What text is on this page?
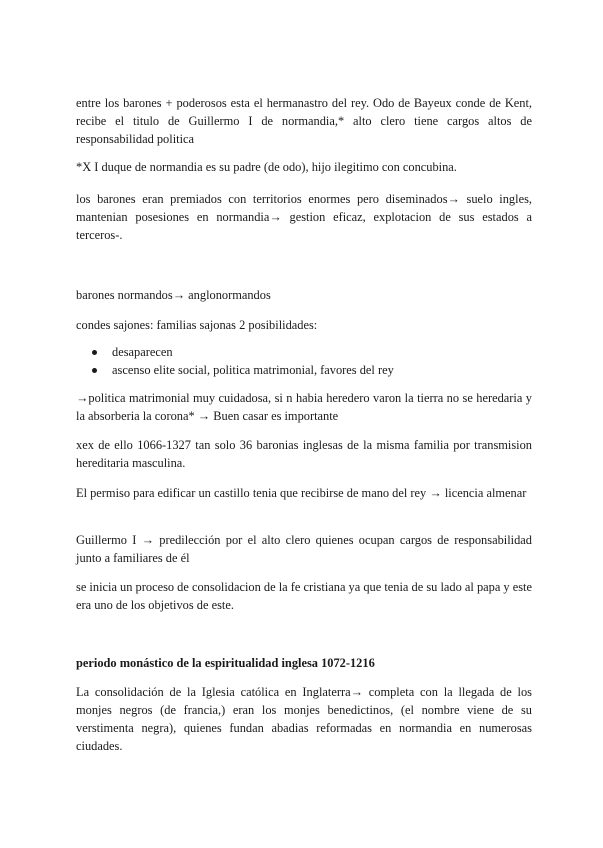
entre los barones + poderosos esta el hermanastro del rey. Odo de Bayeux conde de Kent, recibe el titulo de Guillermo I de normandia,* alto clero tiene cargos altos de responsabilidad politica

*X I duque de normandia es su padre (de odo), hijo ilegitimo con concubina.

los barones eran premiados con territorios enormes pero diseminados→ suelo ingles, mantenian posesiones en normandia→ gestion eficaz, explotacion de sus estados a terceros-.

barones normandos→ anglonormandos

condes sajones: familias sajonas 2 posibilidades:

desaparecen
ascenso elite social, politica matrimonial, favores del rey

→politica matrimonial muy cuidadosa, si n habia heredero varon la tierra no se heredaria y la absorberia la corona* → Buen casar es importante

xex de ello 1066-1327 tan solo 36 baronias inglesas de la misma familia por transmision hereditaria masculina.

El permiso para edificar un castillo tenia que recibirse de mano del rey → licencia almenar

Guillermo I → predilección por el alto clero quienes ocupan cargos de responsabilidad junto a familiares de él

se inicia un proceso de consolidacion de la fe cristiana ya que tenia de su lado al papa y este era uno de los objetivos de este.

periodo monástico de la espiritualidad inglesa 1072-1216

La consolidación de la Iglesia católica en Inglaterra→ completa con la llegada de los monjes negros (de francia,) eran los monjes benedictinos, (el nombre viene de su verstimenta negra), quienes fundan abadias reformadas en normandia en numerosas ciudades.
